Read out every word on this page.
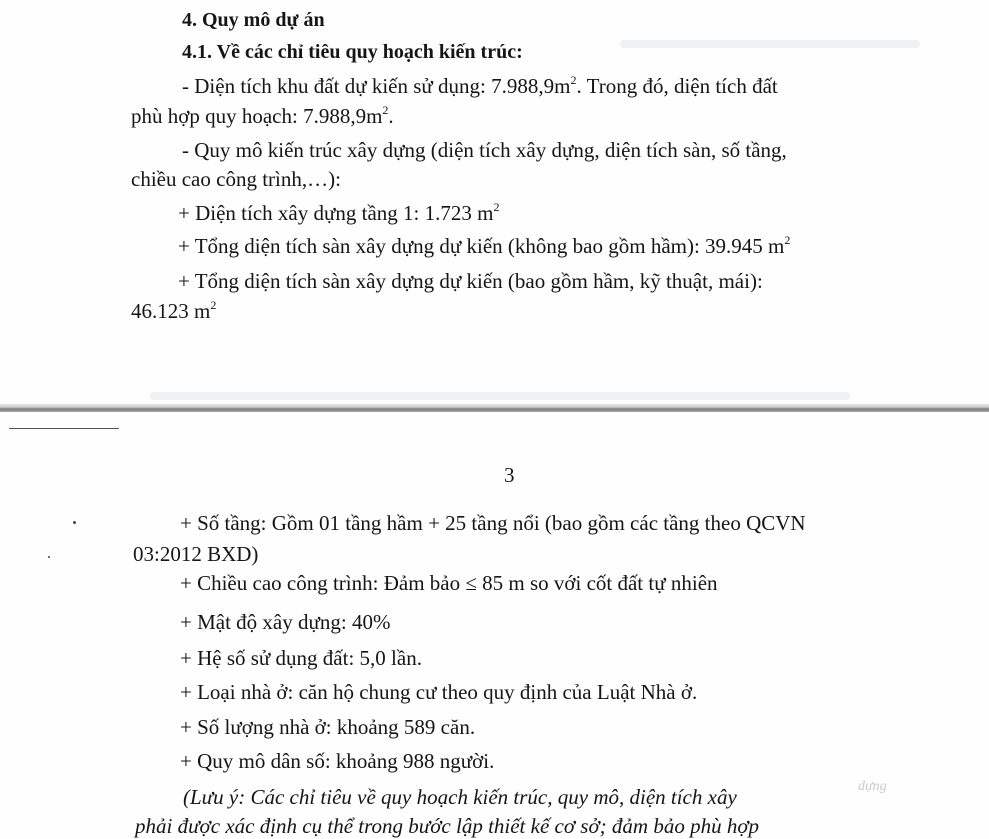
4. Quy mô dự án
4.1. Về các chỉ tiêu quy hoạch kiến trúc:
- Diện tích khu đất dự kiến sử dụng: $7.988,9m^2$. Trong đó, diện tích đất
phù hợp quy hoạch: $7.988,9m^2$.
- Quy mô kiến trúc xây dựng (diện tích xây dựng, diện tích sàn, số tầng,
chiều cao công trình,…):
+ Diện tích xây dựng tầng 1: 1.723 $m^2$
+ Tổng diện tích sàn xây dựng dự kiến (không bao gồm hầm): 39.945 $m^2$
+ Tổng diện tích sàn xây dựng dự kiến (bao gồm hầm, kỹ thuật, mái):
46.123 $m^2$
3
+ Số tầng: Gồm 01 tầng hầm + 25 tầng nổi (bao gồm các tầng theo QCVN
03:2012 BXD)
+ Chiều cao công trình: Đảm bảo ≤ 85 m so với cốt đất tự nhiên
+ Mật độ xây dựng: 40%
+ Hệ số sử dụng đất: 5,0 lần.
+ Loại nhà ở: căn hộ chung cư theo quy định của Luật Nhà ở.
+ Số lượng nhà ở: khoảng 589 căn.
+ Quy mô dân số: khoảng 988 người.
(Lưu ý: Các chỉ tiêu về quy hoạch kiến trúc, quy mô, diện tích xây	dựng
phải được xác định cụ thể trong bước lập thiết kế cơ sở; đảm bảo phù hợp
